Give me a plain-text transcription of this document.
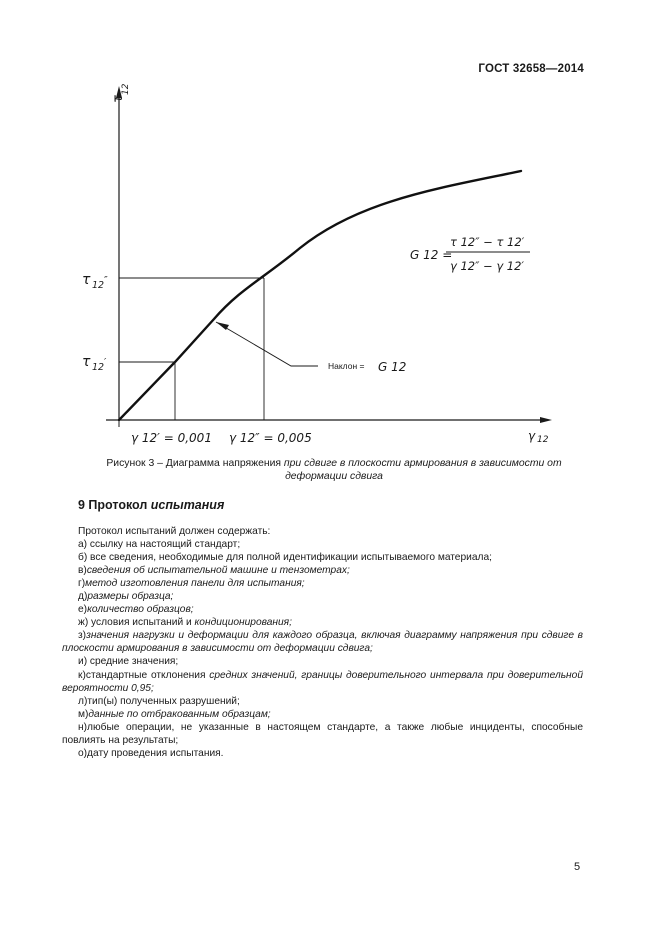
ГОСТ 32658—2014
τ
12
γ 12
τ 12 ″
τ 12 ′
γ 12′ = 0,001 γ 12″ = 0,005
Наклон = G 12
G 12 =
τ 12″ − τ 12′
γ 12″ − γ 12′
Рисунок 3 – Диаграмма напряжения при сдвиге в плоскости армирования в зависимости от
деформации сдвига
9 Протокол испытания

Протокол испытаний должен содержать:

а) ссылку на настоящий стандарт;

б) все сведения, необходимые для полной идентификации испытываемого материала;

в)сведения об испытательной машине и тензометрах;

г)метод изготовления панели для испытания;

д)размеры образца;

е)количество образцов;

ж) условия испытаний и кондиционирования;

з)значения нагрузки и деформации для каждого образца, включая диаграмму напряжения при сдвиге в плоскости армирования в зависимости от деформации сдвига;

и) средние значения;

к)стандартные отклонения средних значений, границы доверительного интервала при доверительной вероятности 0,95;

л)тип(ы) полученных разрушений;

м)данные по отбракованным образцам;

н)любые операции, не указанные в настоящем стандарте, а также любые инциденты, способные повлиять на результаты;

о)дату проведения испытания.

5
